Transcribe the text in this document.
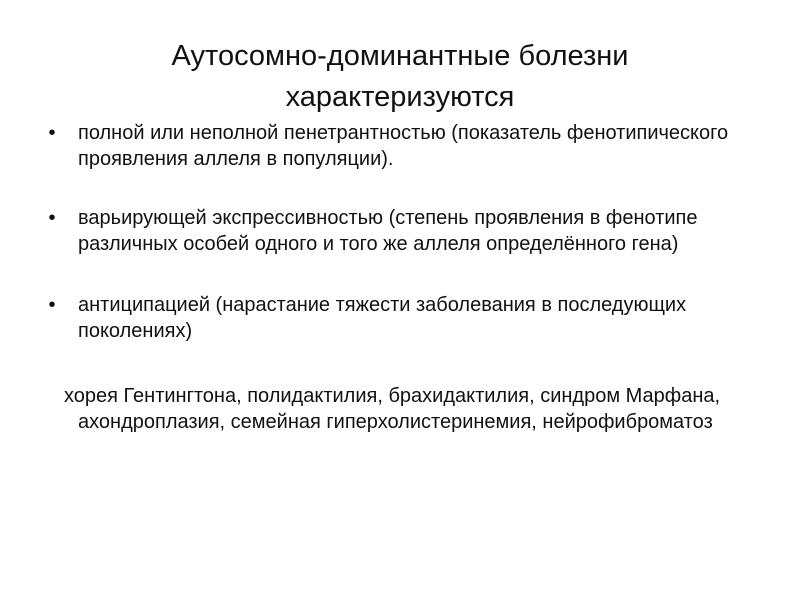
Аутосомно-доминантные болезни
характеризуются
• полной или неполной пенетрантностью (показатель фенотипического проявления аллеля в популяции).
• варьирующей экспрессивностью (степень проявления в фенотипе различных особей одного и того же аллеля определённого гена)
• антиципацией (нарастание тяжести заболевания в последующих поколениях)
хорея Гентингтона, полидактилия, брахидактилия, синдром Марфана, ахондроплазия, семейная гиперхолистеринемия, нейрофиброматоз
